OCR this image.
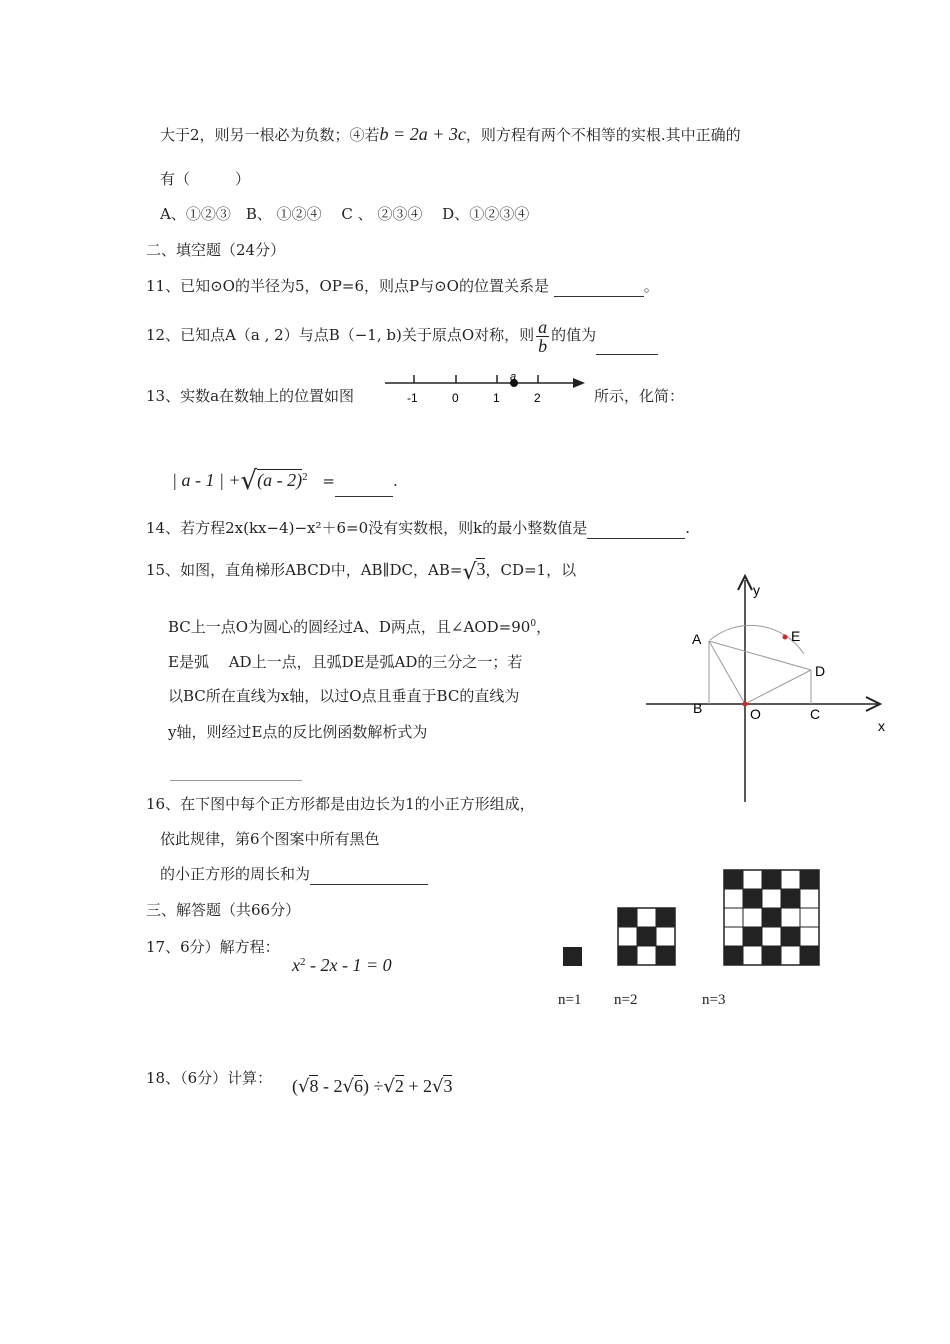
大于2，则另一根必为负数；④若b = 2a + 3c，则方程有两个不相等的实根.其中正确的
有（　　　）
A、①②③　B、 ①②④　 C 、 ②③④　 D、①②③④
二、填空题（24分）
11、已知⊙O的半径为5，OP=6，则点P与⊙O的位置关系是	。
12、已知点A（a , 2）与点B（−1, b)关于原点O对称，则 $\frac{a}{b}$ 的值为
13、实数a在数轴上的位置如图
a
-1	0	1	2	所示，化简：
| a - 1 | +√(a - 2)$^2$ =	.
14、若方程2x(kx−4)−x²＋6=0没有实数根，则k的最小整数值是	.
15、如图，直角梯形ABCD中，AB∥DC，AB=√3，CD=1，以
BC上一点O为圆心的圆经过A、D两点，且$\angle AOD=90^0$，
E是弧　 AD上一点，且弧DE是弧AD的三分之一；若
以BC所在直线为x轴，以过O点且垂直于BC的直线为
y轴，则经过E点的反比例函数解析式为

A
B	O	C
D
E
y
x
16、在下图中每个正方形都是由边长为1的小正方形组成，
依此规律，第6个图案中所有黑色
的小正方形的周长和为
n=1 n=2	n=3
三、解答题（共66分）
17、6分）解方程：
$x^2 - 2x - 1 = 0$
18、（6分）计算： (√8 - 2√6) ÷√2 + 2√3
